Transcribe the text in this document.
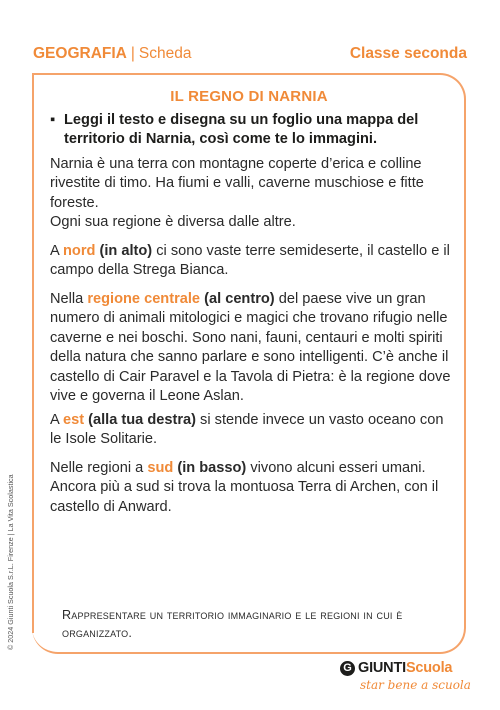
GEOGRAFIA | Scheda	Classe seconda
IL REGNO DI NARNIA
▪ Leggi il testo e disegna su un foglio una mappa del territorio di Narnia, così come te lo immagini.
Narnia è una terra con montagne coperte d’erica e colline rivestite di timo. Ha fiumi e valli, caverne muschiose e fitte foreste.
Ogni sua regione è diversa dalle altre.
A nord (in alto) ci sono vaste terre semideserte, il castello e il campo della Strega Bianca.
Nella regione centrale (al centro) del paese vive un gran numero di animali mitologici e magici che trovano rifugio nelle caverne e nei boschi. Sono nani, fauni, centauri e molti spiriti della natura che sanno parlare e sono intelligenti. C’è anche il castello di Cair Paravel e la Tavola di Pietra: è la regione dove vive e governa il Leone Aslan.
A est (alla tua destra) si stende invece un vasto oceano con le Isole Solitarie.
Nelle regioni a sud (in basso) vivono alcuni esseri umani. Ancora più a sud si trova la montuosa Terra di Archen, con il castello di Anward.
Rappresentare un territorio immaginario e le regioni in cui è organizzato.
© 2024 Giunti Scuola S.r.L. Firenze | La Vita Scolastica
G GIUNTIScuola
star bene a scuola
